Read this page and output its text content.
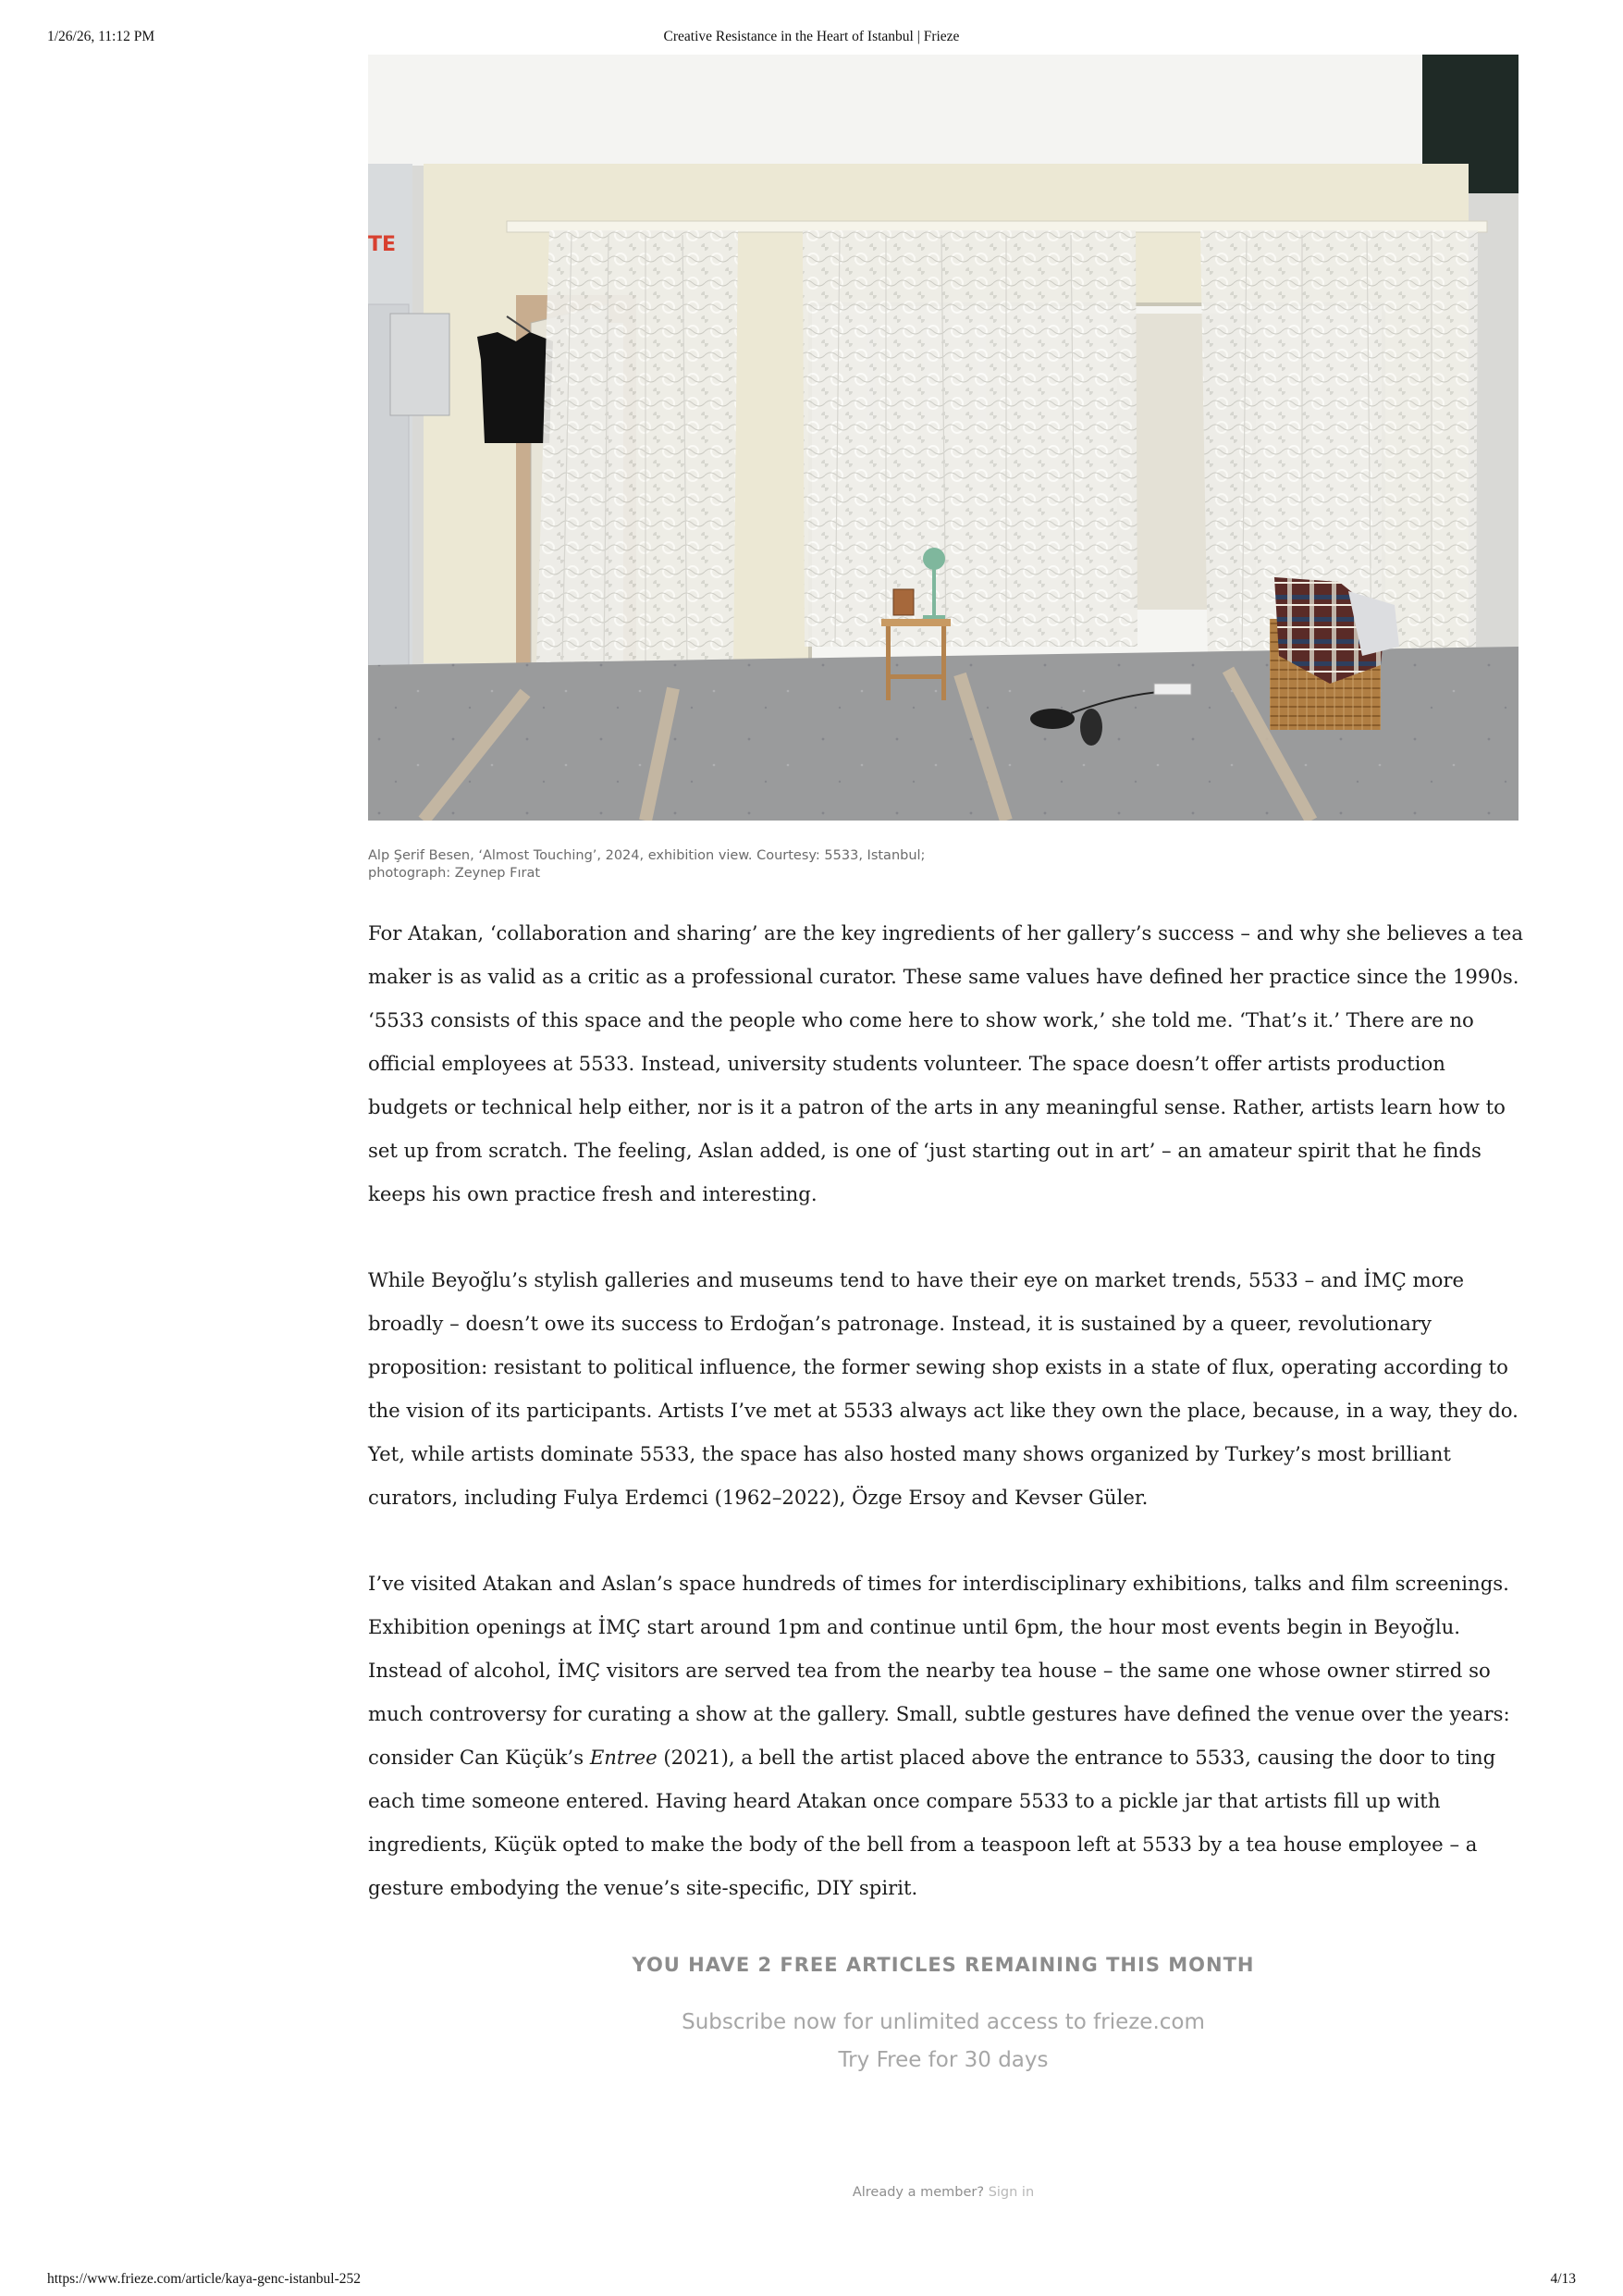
1/26/26, 11:12 PM	Creative Resistance in the Heart of Istanbul | Frieze
TE
Alp Şerif Besen, ‘Almost Touching’, 2024, exhibition view. Courtesy: 5533, Istanbul;
photograph: Zeynep Fırat

For Atakan, ‘collaboration and sharing’ are the key ingredients of her gallery’s success – and why she believes a tea maker is as valid as a critic as a professional curator. These same values have defined her practice since the 1990s. ‘5533 consists of this space and the people who come here to show work,’ she told me. ‘That’s it.’ There are no official employees at 5533. Instead, university students volunteer. The space doesn’t offer artists production budgets or technical help either, nor is it a patron of the arts in any meaningful sense. Rather, artists learn how to set up from scratch. The feeling, Aslan added, is one of ‘just starting out in art’ – an amateur spirit that he finds keeps his own practice fresh and interesting.

While Beyoğlu’s stylish galleries and museums tend to have their eye on market trends, 5533 – and İMÇ more broadly – doesn’t owe its success to Erdoğan’s patronage. Instead, it is sustained by a queer, revolutionary proposition: resistant to political influence, the former sewing shop exists in a state of flux, operating according to the vision of its participants. Artists I’ve met at 5533 always act like they own the place, because, in a way, they do. Yet, while artists dominate 5533, the space has also hosted many shows organized by Turkey’s most brilliant curators, including Fulya Erdemci (1962–2022), Özge Ersoy and Kevser Güler.

I’ve visited Atakan and Aslan’s space hundreds of times for interdisciplinary exhibitions, talks and film screenings. Exhibition openings at İMÇ start around 1pm and continue until 6pm, the hour most events begin in Beyoğlu. Instead of alcohol, İMÇ visitors are served tea from the nearby tea house – the same one whose owner stirred so much controversy for curating a show at the gallery. Small, subtle gestures have defined the venue over the years: consider Can Küçük’s Entree (2021), a bell the artist placed above the entrance to 5533, causing the door to ting each time someone entered. Having heard Atakan once compare 5533 to a pickle jar that artists fill up with ingredients, Küçük opted to make the body of the bell from a teaspoon left at 5533 by a tea house employee – a gesture embodying the venue’s site-specific, DIY spirit.

YOU HAVE 2 FREE ARTICLES REMAINING THIS MONTH
Subscribe now for unlimited access to frieze.com
Try Free for 30 days
Already a member? Sign in
https://www.frieze.com/article/kaya-genc-istanbul-252	4/13
